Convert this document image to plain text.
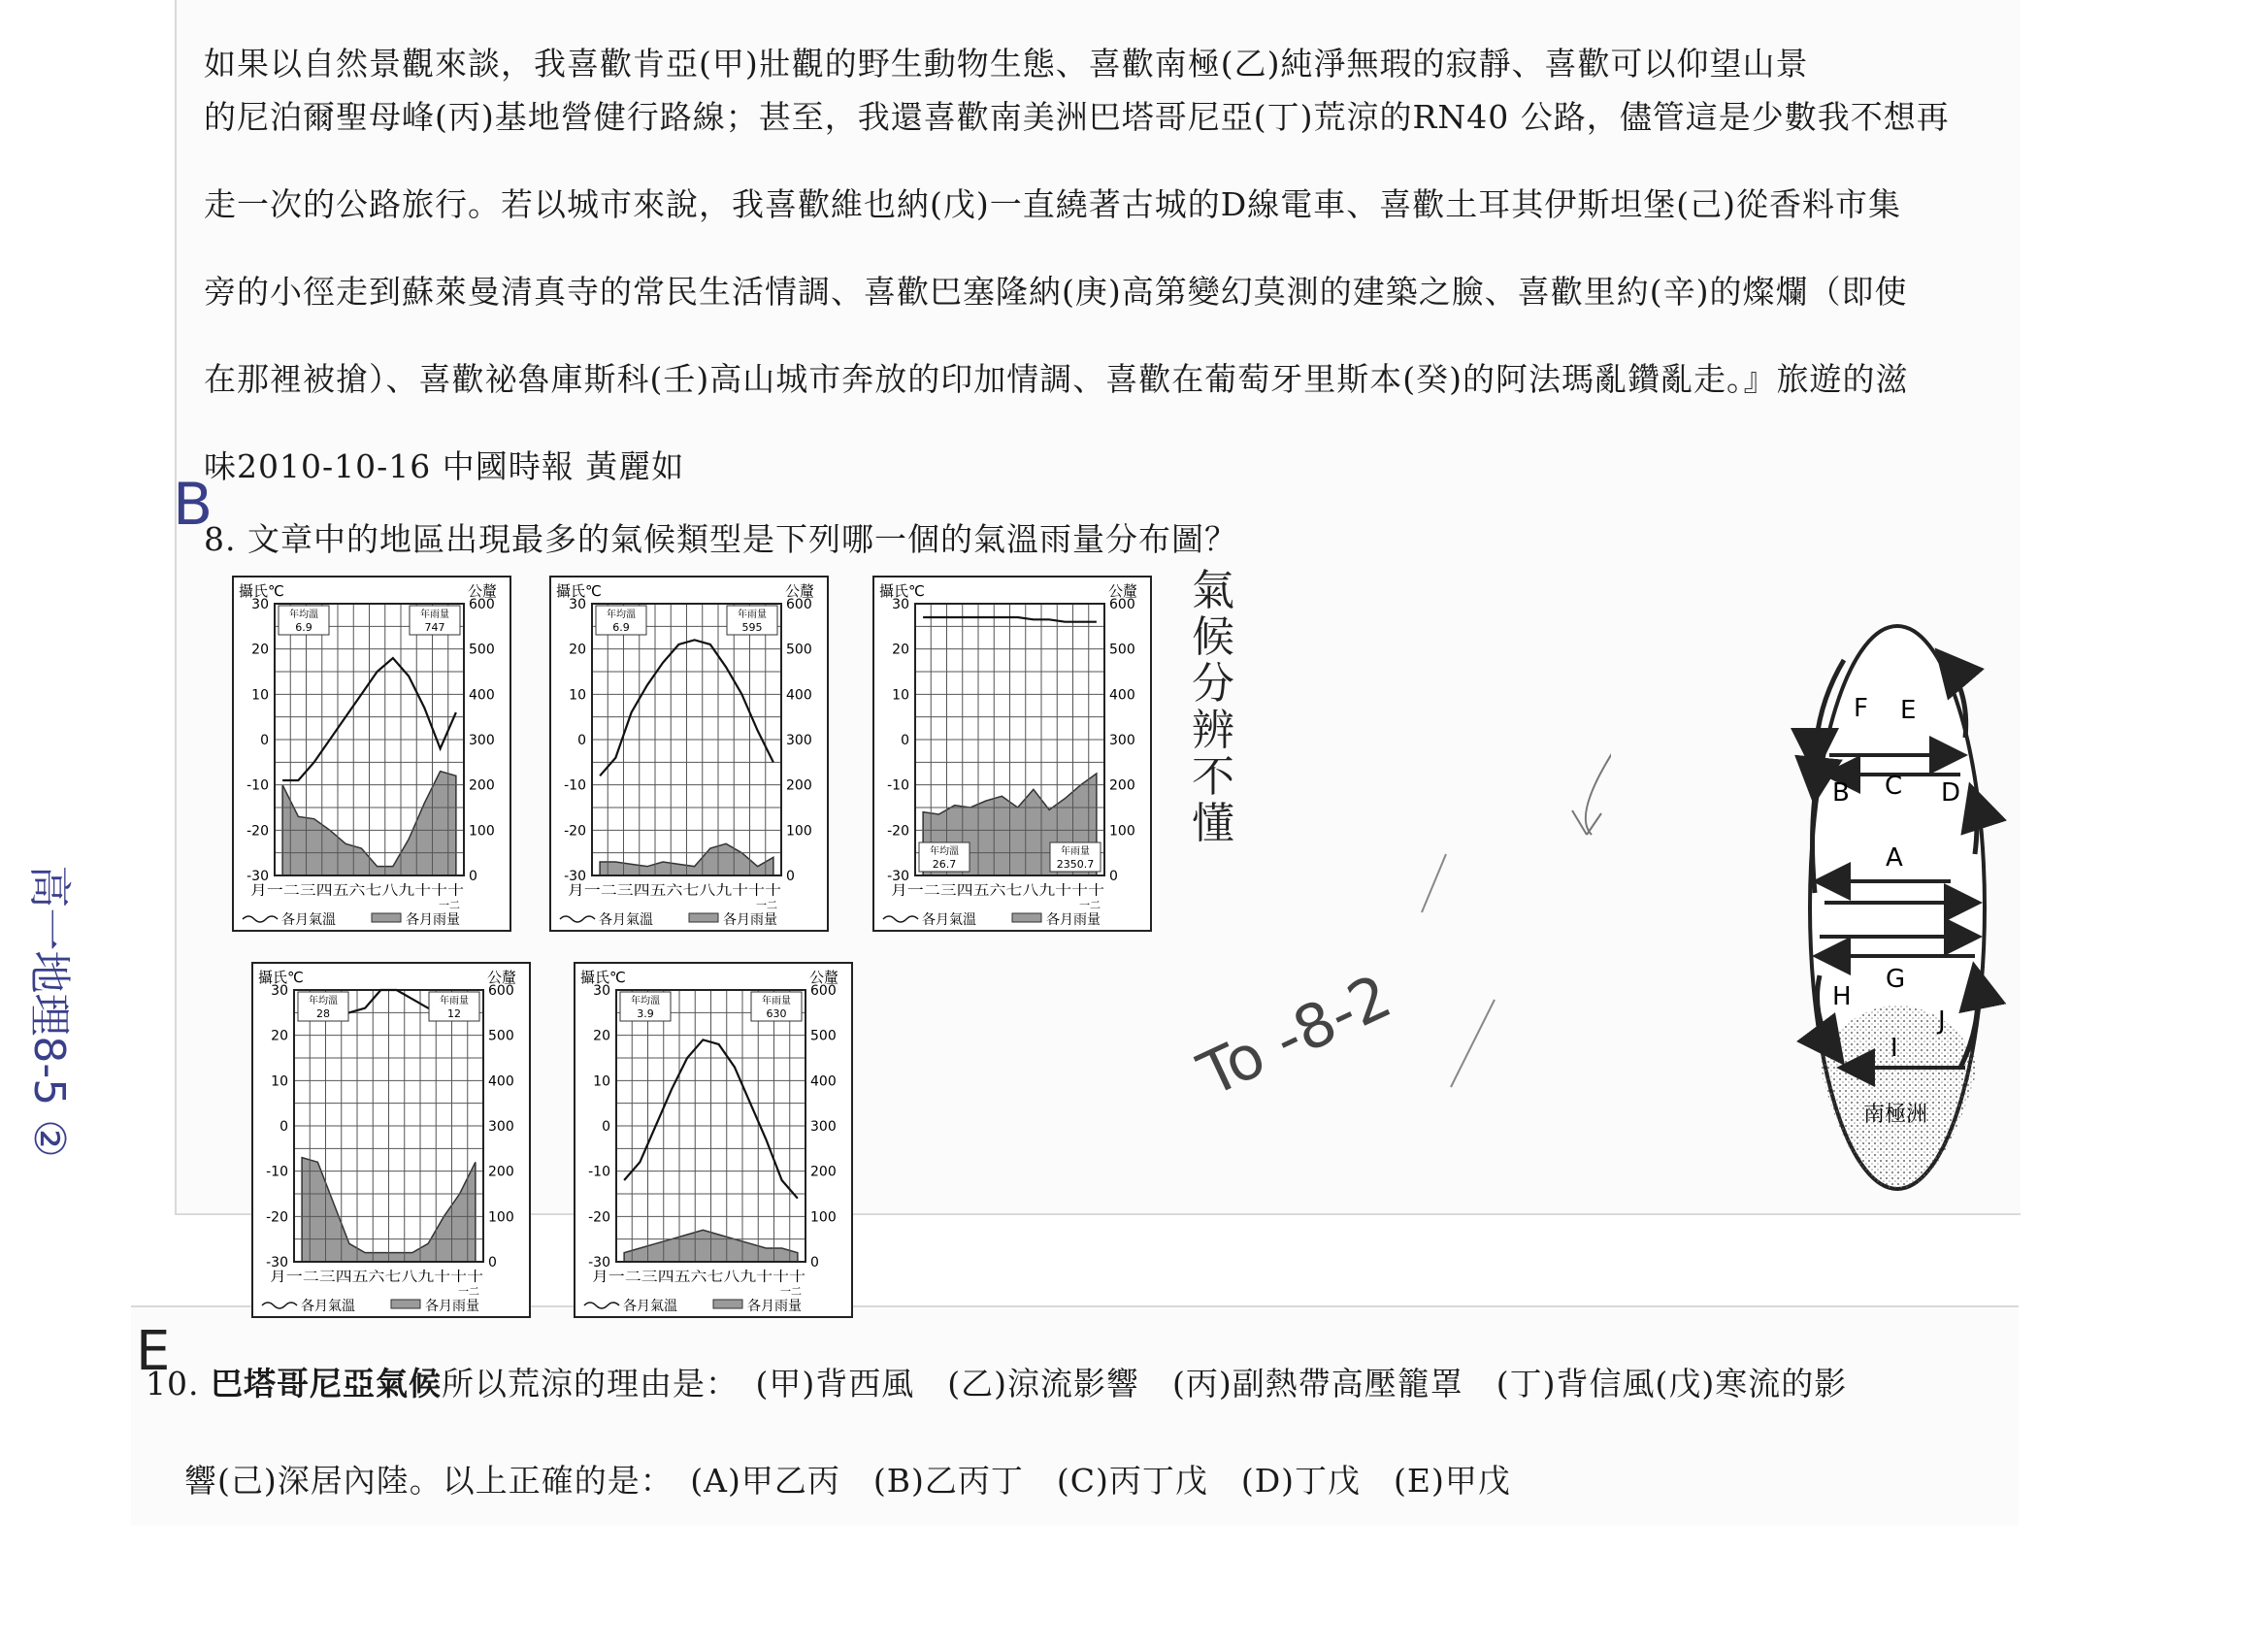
如果以自然景觀來談，我喜歡肯亞(甲)壯觀的野生動物生態、喜歡南極(乙)純淨無瑕的寂靜、喜歡可以仰望山景
的尼泊爾聖母峰(丙)基地營健行路線；甚至，我還喜歡南美洲巴塔哥尼亞(丁)荒涼的RN40 公路，儘管這是少數我不想再
走一次的公路旅行。若以城市來說，我喜歡維也納(戊)一直繞著古城的D線電車、喜歡土耳其伊斯坦堡(己)從香料市集
旁的小徑走到蘇萊曼清真寺的常民生活情調、喜歡巴塞隆納(庚)高第變幻莫測的建築之臉、喜歡里約(辛)的燦爛（即使
在那裡被搶）、喜歡祕魯庫斯科(壬)高山城市奔放的印加情調、喜歡在葡萄牙里斯本(癸)的阿法瑪亂鑽亂走。』旅遊的滋
味2010-10-16 中國時報 黃麗如
8. 文章中的地區出現最多的氣候類型是下列哪一個的氣溫雨量分布圖？
B
攝氏℃	公釐
30
20
10
0
-10
-20
-30
600
500
400
300
200
100
0
年均溫
6.9
年雨量
747
月一二三四五六七八九十十十
一二
各月氣溫	各月雨量
攝氏℃	公釐
30
20
10
0
-10
-20
-30
600
500
400
300
200
100
0
年均溫
6.9
年雨量
595
月一二三四五六七八九十十十
一二
各月氣溫	各月雨量
攝氏℃	公釐
30
20
10
0
-10
-20
-30
600
500
400
300
200
100
0
年均溫
26.7
年雨量
2350.7
月一二三四五六七八九十十十
一二
各月氣溫	各月雨量
攝氏℃	公釐
30
20
10
0
-10
-20
-30
600
500
400
300
200
100
0
年均溫
28
年雨量
12
月一二三四五六七八九十十十
一二
各月氣溫	各月雨量
攝氏℃	公釐
30
20
10
0
-10
-20
-30
600
500
400
300
200
100
0
年均溫
3.9
年雨量
630
月一二三四五六七八九十十十
一二
各月氣溫	各月雨量
F E
B C D
A
G
H
J
I
南極洲
To -8-2
氣候分辨不懂
高一地理8-5 ②
10. 巴塔哥尼亞氣候所以荒涼的理由是：　(甲)背西風　(乙)涼流影響　(丙)副熱帶高壓籠罩　(丁)背信風(戊)寒流的影
響(己)深居內陸。以上正確的是：　(A)甲乙丙　(B)乙丙丁　(C)丙丁戊　(D)丁戊　(E)甲戊
E
